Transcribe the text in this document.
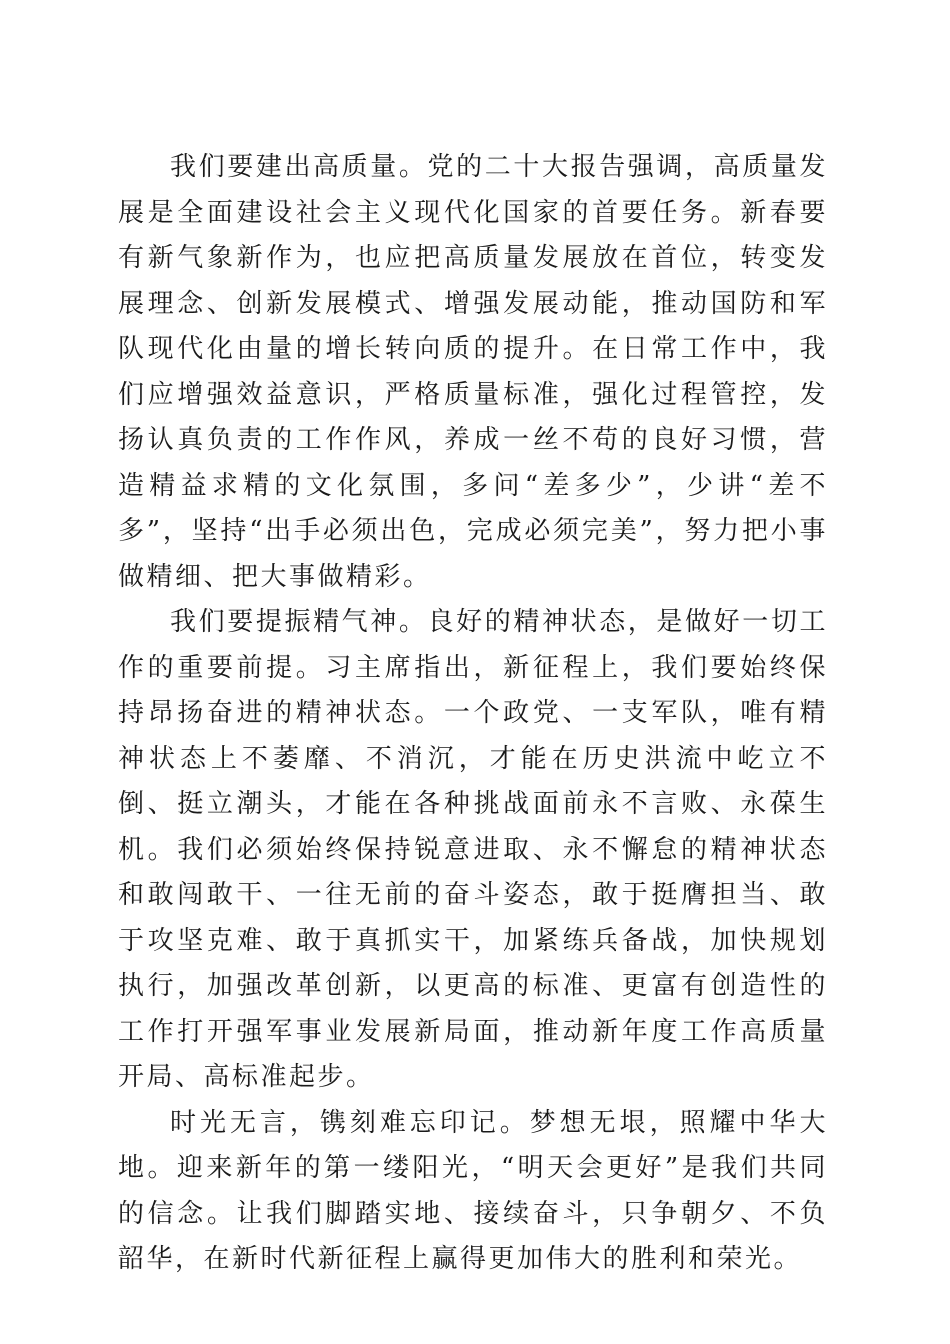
我们要建出高质量。党的二十大报告强调，高质量发展是全面建设社会主义现代化国家的首要任务。新春要有新气象新作为，也应把高质量发展放在首位，转变发展理念、创新发展模式、增强发展动能，推动国防和军队现代化由量的增长转向质的提升。在日常工作中，我们应增强效益意识，严格质量标准，强化过程管控，发扬认真负责的工作作风，养成一丝不苟的良好习惯，营造精益求精的文化氛围，多问“差多少”，少讲“差不多”，坚持“出手必须出色，完成必须完美”，努力把小事做精细、把大事做精彩。

我们要提振精气神。良好的精神状态，是做好一切工作的重要前提。习主席指出，新征程上，我们要始终保持昂扬奋进的精神状态。一个政党、一支军队，唯有精神状态上不萎靡、不消沉，才能在历史洪流中屹立不倒、挺立潮头，才能在各种挑战面前永不言败、永葆生机。我们必须始终保持锐意进取、永不懈怠的精神状态和敢闯敢干、一往无前的奋斗姿态，敢于挺膺担当、敢于攻坚克难、敢于真抓实干，加紧练兵备战，加快规划执行，加强改革创新，以更高的标准、更富有创造性的工作打开强军事业发展新局面，推动新年度工作高质量开局、高标准起步。

时光无言，镌刻难忘印记。梦想无垠，照耀中华大地。迎来新年的第一缕阳光，“明天会更好”是我们共同的信念。让我们脚踏实地、接续奋斗，只争朝夕、不负韶华，在新时代新征程上赢得更加伟大的胜利和荣光。
